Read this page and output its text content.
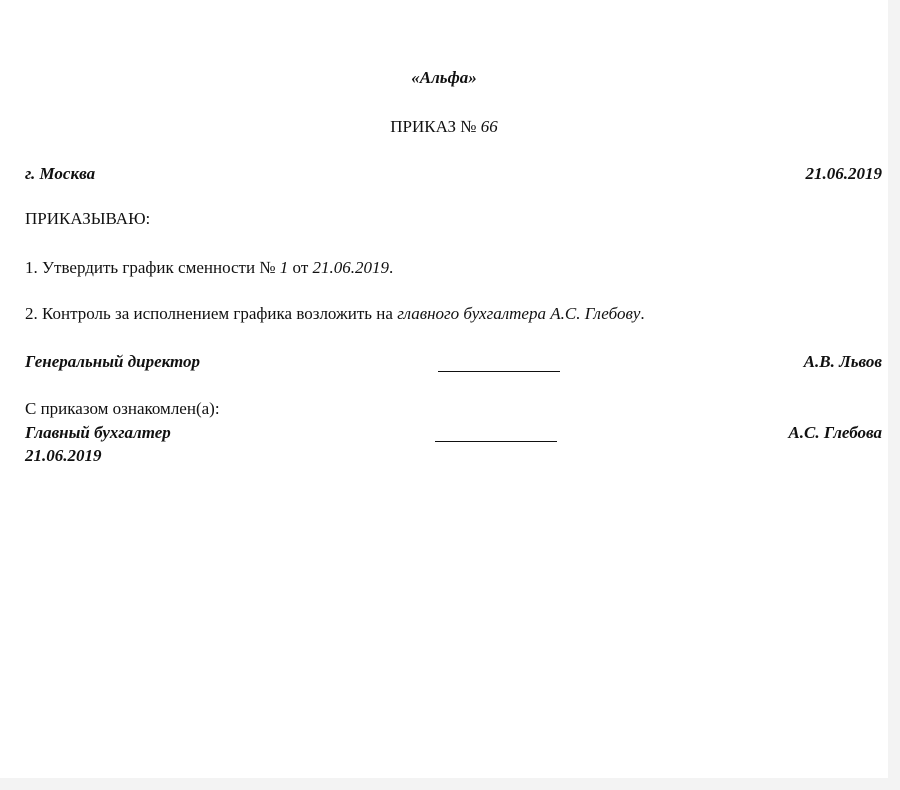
«Альфа»
ПРИКАЗ № 66
г. Москва	21.06.2019
ПРИКАЗЫВАЮ:
1. Утвердить график сменности № 1 от 21.06.2019.
2. Контроль за исполнением графика возложить на главного бухгалтера А.С. Глебову.
Генеральный директор	А.В. Львов
С приказом ознакомлен(а):
Главный бухгалтер	А.С. Глебова
21.06.2019
